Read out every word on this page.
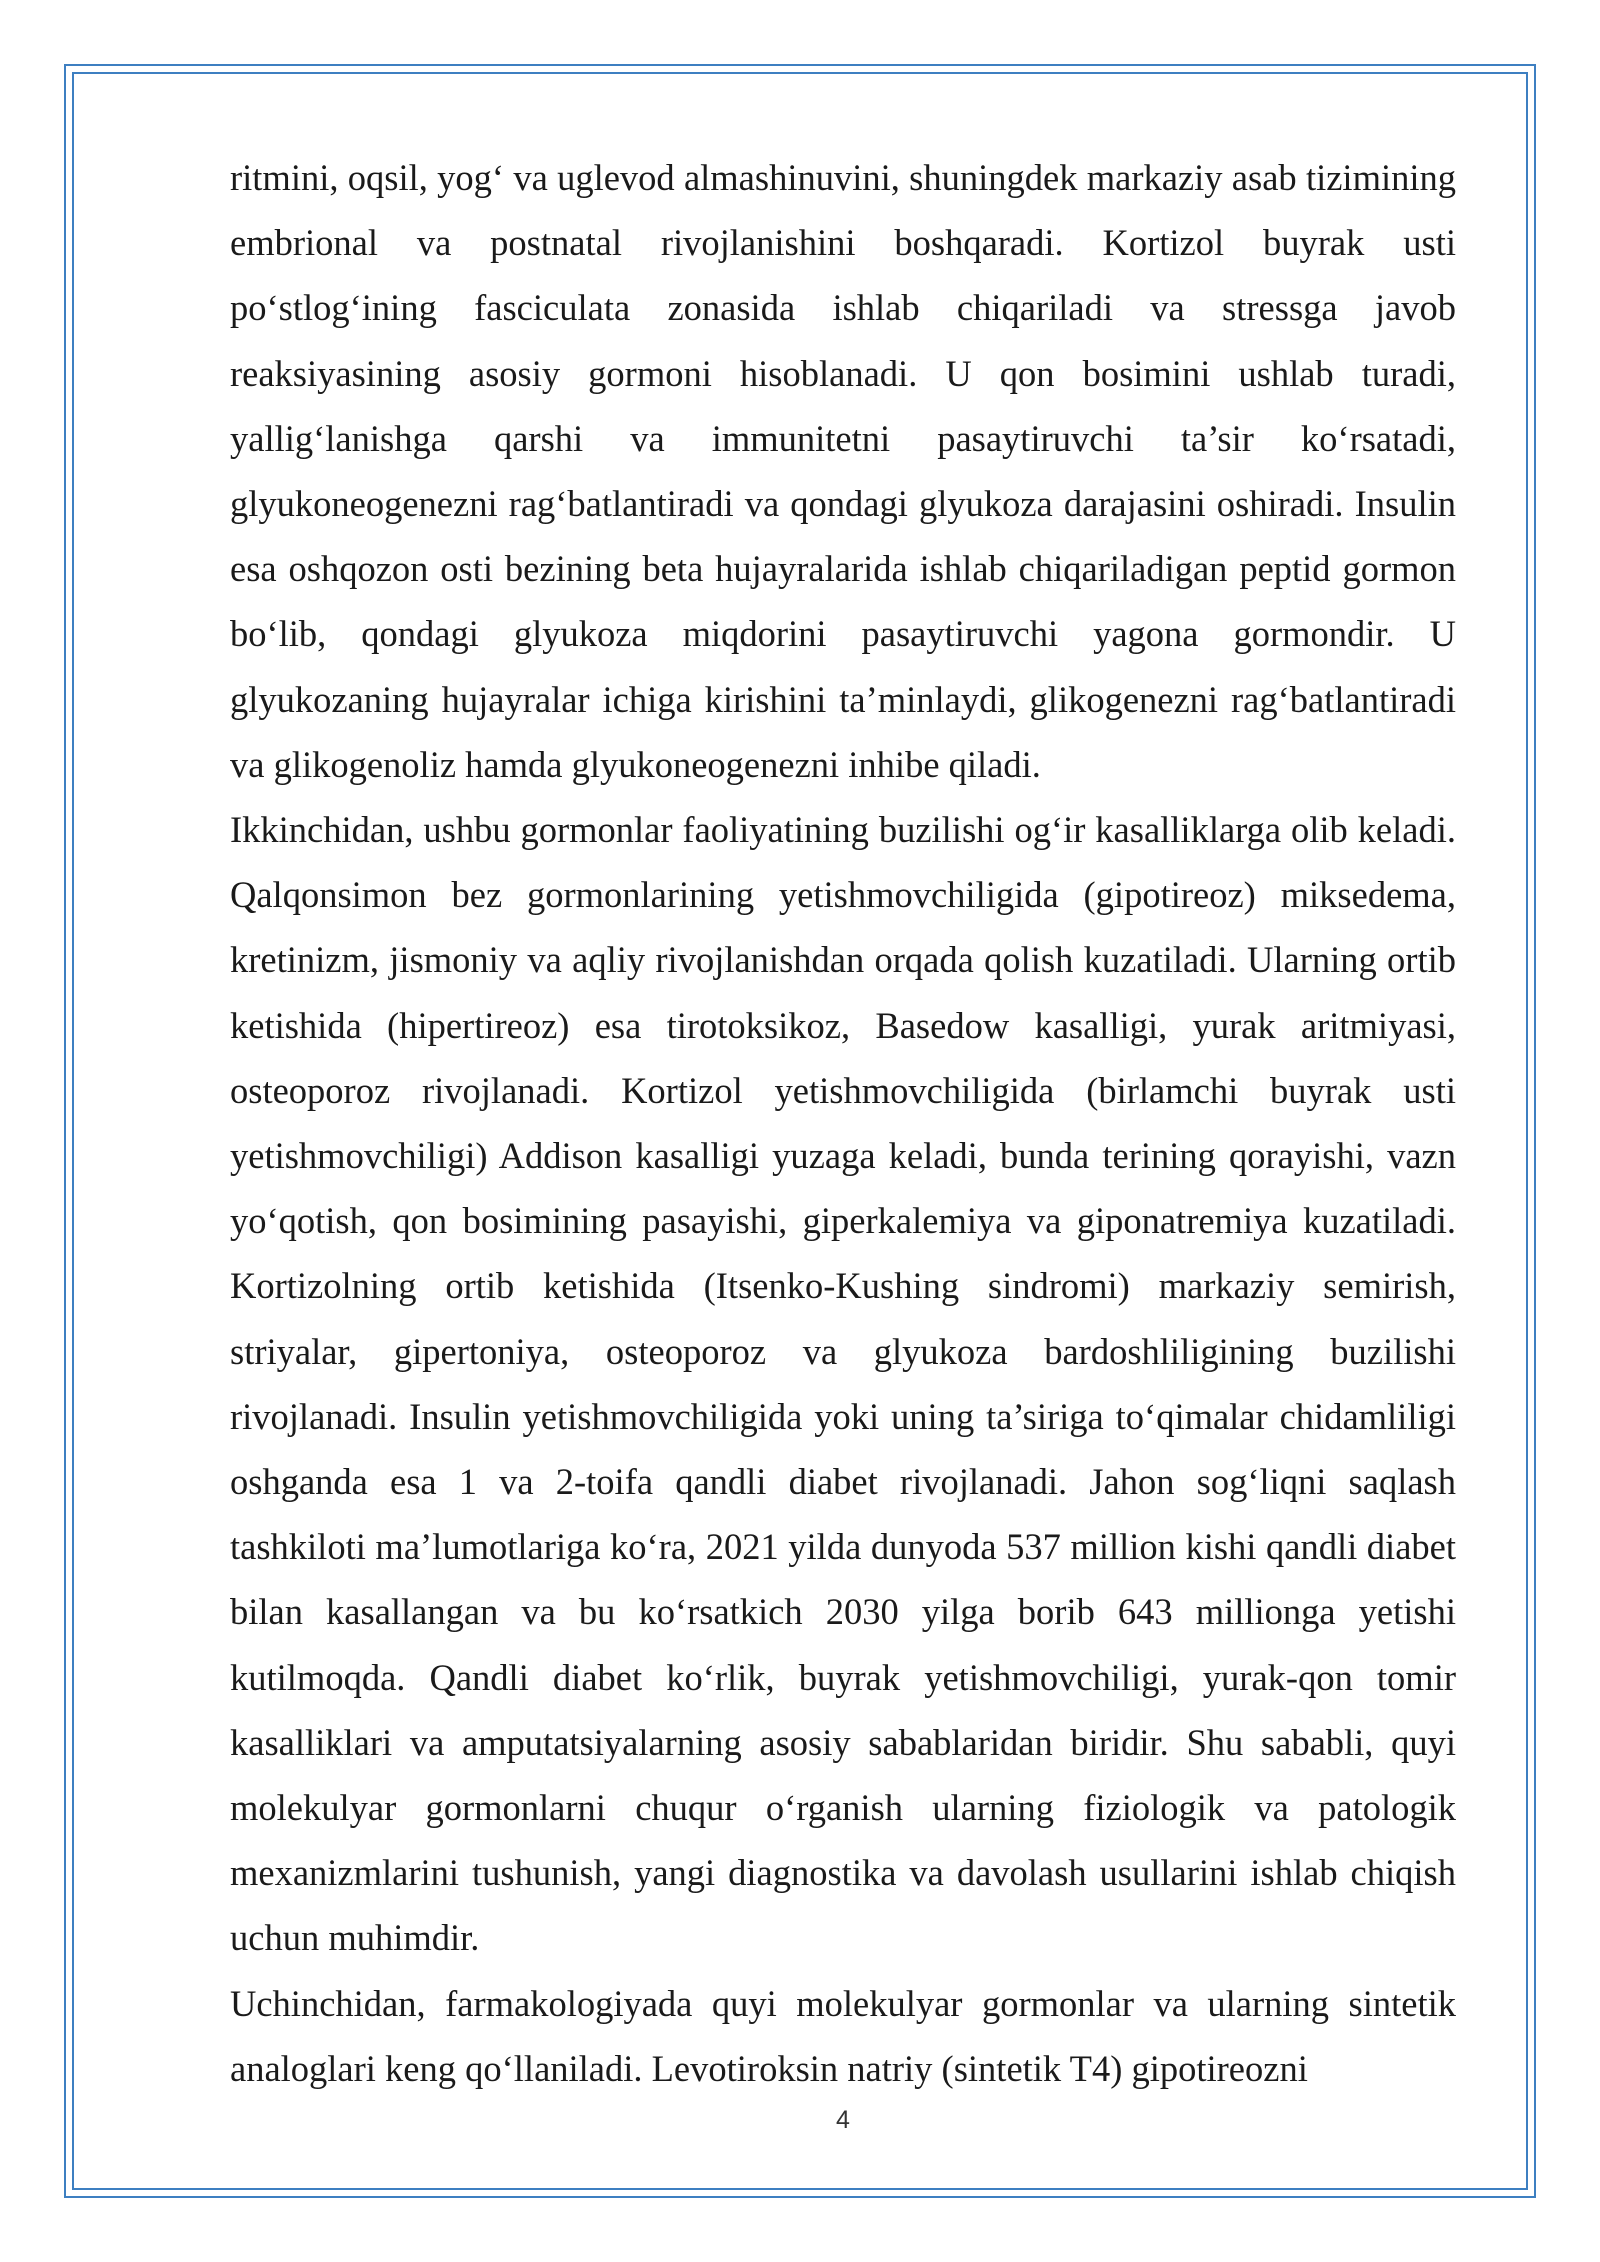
ritmini, oqsil, yog‘ va uglevod almashinuvini, shuningdek markaziy asab tizimining embrional va postnatal rivojlanishini boshqaradi. Kortizol buyrak usti po‘stlog‘ining fasciculata zonasida ishlab chiqariladi va stressga javob reaksiyasining asosiy gormoni hisoblanadi. U qon bosimini ushlab turadi, yallig‘lanishga qarshi va immunitetni pasaytiruvchi ta’sir ko‘rsatadi, glyukoneogenezni rag‘batlantiradi va qondagi glyukoza darajasini oshiradi. Insulin esa oshqozon osti bezining beta hujayralarida ishlab chiqariladigan peptid gormon bo‘lib, qondagi glyukoza miqdorini pasaytiruvchi yagona gormondir. U glyukozaning hujayralar ichiga kirishini ta’minlaydi, glikogenezni rag‘batlantiradi va glikogenoliz hamda glyukoneogenezni inhibe qiladi.

Ikkinchidan, ushbu gormonlar faoliyatining buzilishi og‘ir kasalliklarga olib keladi. Qalqonsimon bez gormonlarining yetishmovchiligida (gipotireoz) miksedema, kretinizm, jismoniy va aqliy rivojlanishdan orqada qolish kuzatiladi. Ularning ortib ketishida (hipertireoz) esa tirotoksikoz, Basedow kasalligi, yurak aritmiyasi, osteoporoz rivojlanadi. Kortizol yetishmovchiligida (birlamchi buyrak usti yetishmovchiligi) Addison kasalligi yuzaga keladi, bunda terining qorayishi, vazn yo‘qotish, qon bosimining pasayishi, giperkalemiya va giponatremiya kuzatiladi. Kortizolning ortib ketishida (Itsenko-Kushing sindromi) markaziy semirish, striyalar, gipertoniya, osteoporoz va glyukoza bardoshliligining buzilishi rivojlanadi. Insulin yetishmovchiligida yoki uning ta’siriga to‘qimalar chidamliligi oshganda esa 1 va 2-toifa qandli diabet rivojlanadi. Jahon sog‘liqni saqlash tashkiloti ma’lumotlariga ko‘ra, 2021 yilda dunyoda 537 million kishi qandli diabet bilan kasallangan va bu ko‘rsatkich 2030 yilga borib 643 millionga yetishi kutilmoqda. Qandli diabet ko‘rlik, buyrak yetishmovchiligi, yurak-qon tomir kasalliklari va amputatsiyalarning asosiy sabablaridan biridir. Shu sababli, quyi molekulyar gormonlarni chuqur o‘rganish ularning fiziologik va patologik mexanizmlarini tushunish, yangi diagnostika va davolash usullarini ishlab chiqish uchun muhimdir.

Uchinchidan, farmakologiyada quyi molekulyar gormonlar va ularning sintetik analoglari keng qo‘llaniladi. Levotiroksin natriy (sintetik T4) gipotireozni

4
